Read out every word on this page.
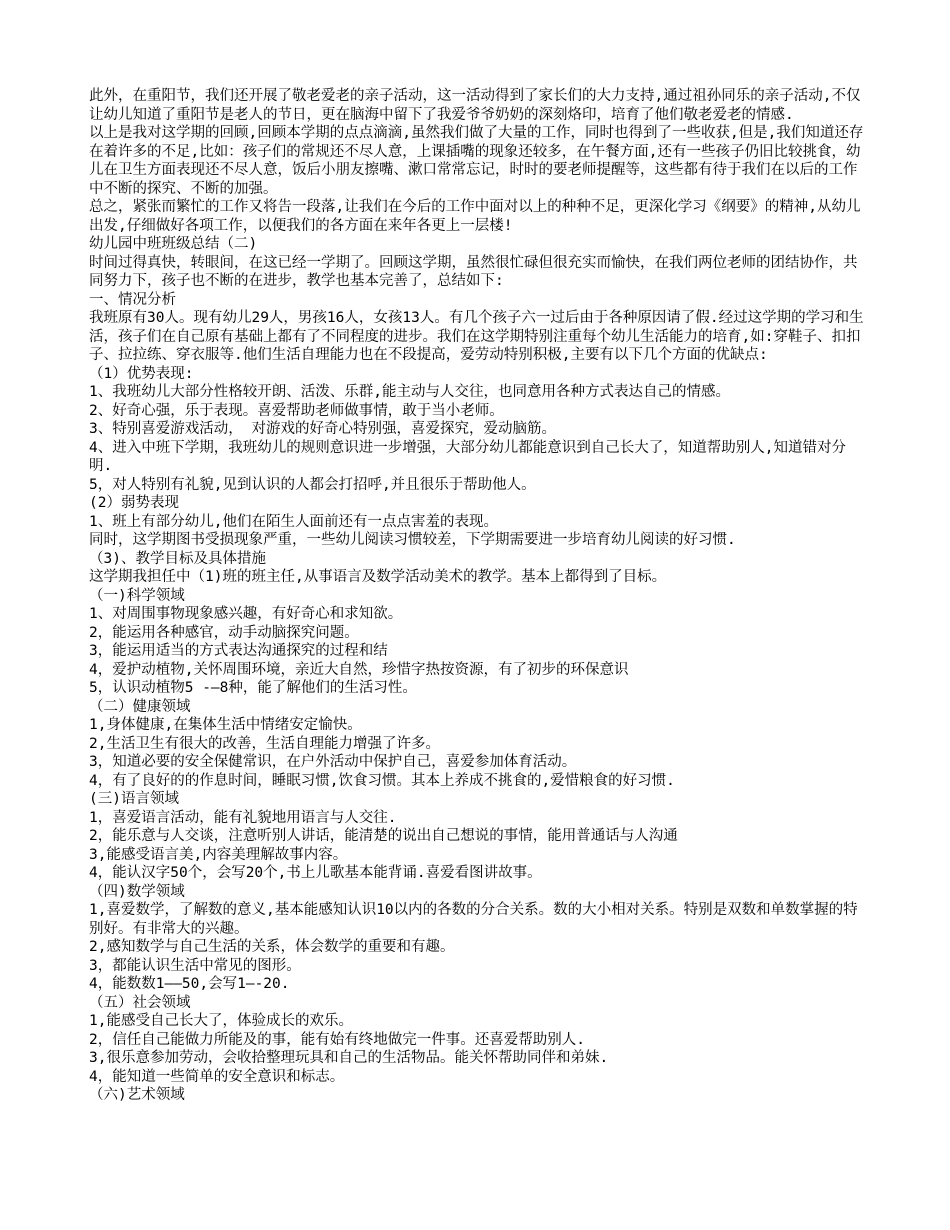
此外，在重阳节，我们还开展了敬老爱老的亲子活动，这一活动得到了家长们的大力支持,通过祖孙同乐的亲子活动,不仅让幼儿知道了重阳节是老人的节日，更在脑海中留下了我爱爷爷奶奶的深刻烙印，培育了他们敬老爱老的情感.

以上是我对这学期的回顾,回顾本学期的点点滴滴,虽然我们做了大量的工作，同时也得到了一些收获,但是,我们知道还存在着许多的不足,比如：孩子们的常规还不尽人意，上课插嘴的现象还较多，在午餐方面,还有一些孩子仍旧比较挑食，幼儿在卫生方面表现还不尽人意，饭后小朋友擦嘴、漱口常常忘记，时时的要老师提醒等，这些都有待于我们在以后的工作中不断的探究、不断的加强。

总之，紧张而繁忙的工作又将告一段落,让我们在今后的工作中面对以上的种种不足，更深化学习《纲要》的精神,从幼儿出发,仔细做好各项工作，以便我们的各方面在来年各更上一层楼!

幼儿园中班班级总结（二)

时间过得真快，转眼间，在这已经一学期了。回顾这学期，虽然很忙碌但很充实而愉快，在我们两位老师的团结协作，共同努力下，孩子也不断的在进步，教学也基本完善了，总结如下:

一、情况分析

我班原有30人。现有幼儿29人，男孩16人，女孩13人。有几个孩子六一过后由于各种原因请了假.经过这学期的学习和生活，孩子们在自己原有基础上都有了不同程度的进步。我们在这学期特别注重每个幼儿生活能力的培育,如:穿鞋子、扣扣子、拉拉练、穿衣服等.他们生活自理能力也在不段提高，爱劳动特别积极,主要有以下几个方面的优缺点:

（1）优势表现:

1、我班幼儿大部分性格较开朗、活泼、乐群,能主动与人交往，也同意用各种方式表达自己的情感。

2、好奇心强，乐于表现。喜爱帮助老师做事情，敢于当小老师。

3、特别喜爱游戏活动， 对游戏的好奇心特别强，喜爱探究，爱动脑筋。

4、进入中班下学期，我班幼儿的规则意识进一步增强，大部分幼儿都能意识到自己长大了，知道帮助别人,知道错对分明.

5，对人特别有礼貌,见到认识的人都会打招呼,并且很乐于帮助他人。

(2）弱势表现

1、班上有部分幼儿,他们在陌生人面前还有一点点害羞的表现。

同时，这学期图书受损现象严重，一些幼儿阅读习惯较差，下学期需要进一步培育幼儿阅读的好习惯.

（3)、教学目标及具体措施

这学期我担任中（1)班的班主任,从事语言及数学活动美术的教学。基本上都得到了目标。

（一)科学领域

1、对周围事物现象感兴趣，有好奇心和求知欲。

2，能运用各种感官，动手动脑探究问题。

3，能运用适当的方式表达沟通探究的过程和结

4，爱护动植物,关怀周围环境，亲近大自然，珍惜字热按资源，有了初步的环保意识

5，认识动植物5 -—8种，能了解他们的生活习性。

（二）健康领域

1,身体健康,在集体生活中情绪安定愉快。

2,生活卫生有很大的改善，生活自理能力增强了许多。

3，知道必要的安全保健常识，在户外活动中保护自己，喜爱参加体育活动。

4，有了良好的的作息时间，睡眠习惯,饮食习惯。其本上养成不挑食的,爱惜粮食的好习惯.

(三)语言领域

1，喜爱语言活动，能有礼貌地用语言与人交往.

2，能乐意与人交谈，注意听别人讲话，能清楚的说出自己想说的事情，能用普通话与人沟通

3,能感受语言美,内容美理解故事内容。

4，能认汉字50个，会写20个,书上儿歌基本能背诵.喜爱看图讲故事。

（四)数学领域

1,喜爱数学，了解数的意义,基本能感知认识10以内的各数的分合关系。数的大小相对关系。特别是双数和单数掌握的特别好。有非常大的兴趣。

2,感知数学与自己生活的关系，体会数学的重要和有趣。

3，都能认识生活中常见的图形。

4，能数数1——50,会写1—-20.

（五）社会领域

1,能感受自己长大了，体验成长的欢乐。

2，信任自己能做力所能及的事，能有始有终地做完一件事。还喜爱帮助别人.

3,很乐意参加劳动，会收拾整理玩具和自己的生活物品。能关怀帮助同伴和弟妹.

4，能知道一些简单的安全意识和标志。

（六)艺术领域
